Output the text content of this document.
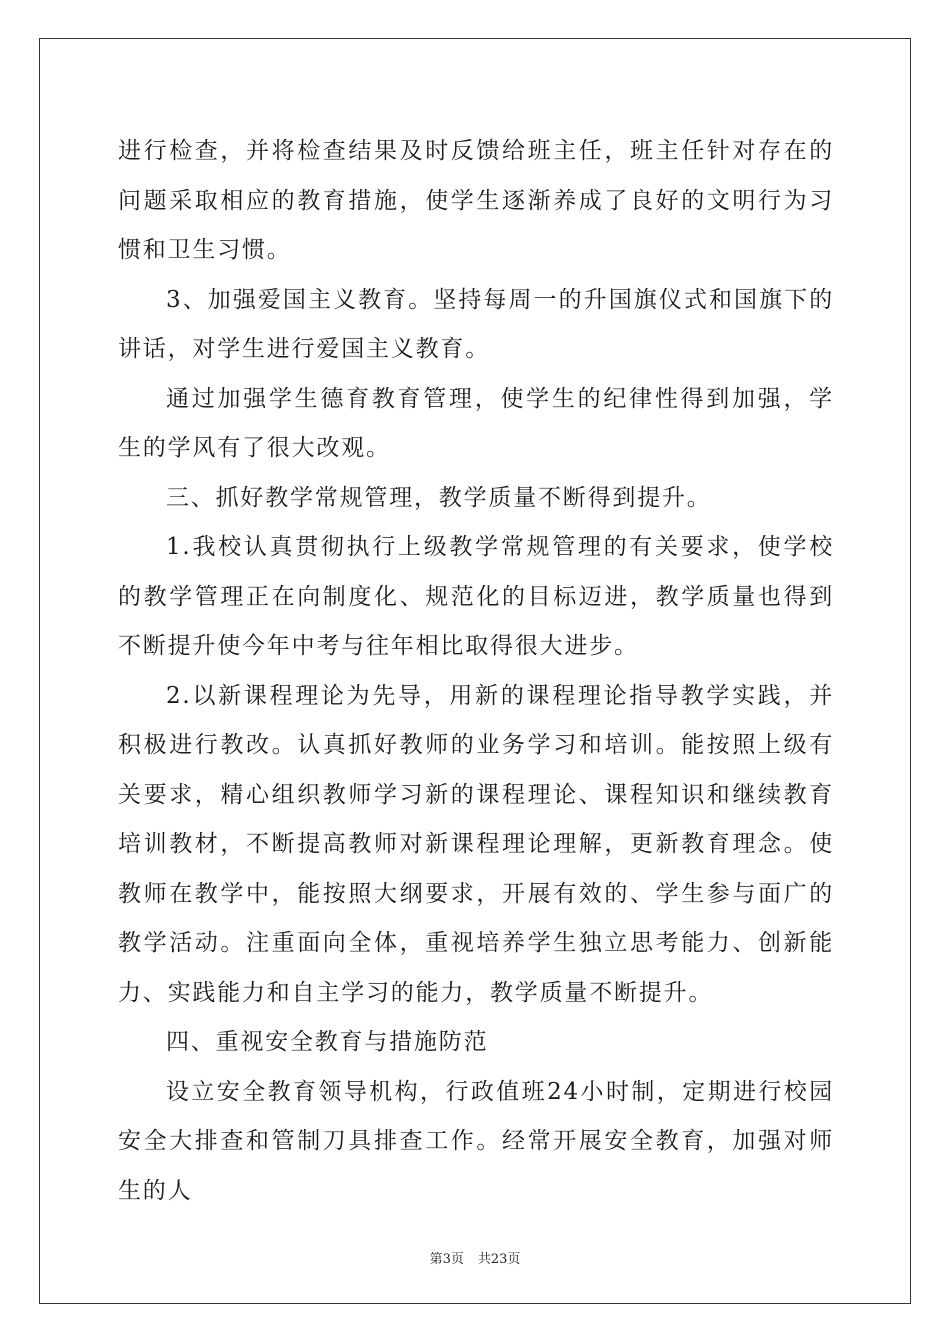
进行检查，并将检查结果及时反馈给班主任，班主任针对存在的问题采取相应的教育措施，使学生逐渐养成了良好的文明行为习惯和卫生习惯。

3、加强爱国主义教育。坚持每周一的升国旗仪式和国旗下的讲话，对学生进行爱国主义教育。

通过加强学生德育教育管理，使学生的纪律性得到加强，学生的学风有了很大改观。

三、抓好教学常规管理，教学质量不断得到提升。

1.我校认真贯彻执行上级教学常规管理的有关要求，使学校的教学管理正在向制度化、规范化的目标迈进，教学质量也得到不断提升使今年中考与往年相比取得很大进步。

2.以新课程理论为先导，用新的课程理论指导教学实践，并积极进行教改。认真抓好教师的业务学习和培训。能按照上级有关要求，精心组织教师学习新的课程理论、课程知识和继续教育培训教材，不断提高教师对新课程理论理解，更新教育理念。使教师在教学中，能按照大纲要求，开展有效的、学生参与面广的教学活动。注重面向全体，重视培养学生独立思考能力、创新能力、实践能力和自主学习的能力，教学质量不断提升。

四、重视安全教育与措施防范

设立安全教育领导机构，行政值班24小时制，定期进行校园安全大排查和管制刀具排查工作。经常开展安全教育，加强对师生的人

第3页 共23页
